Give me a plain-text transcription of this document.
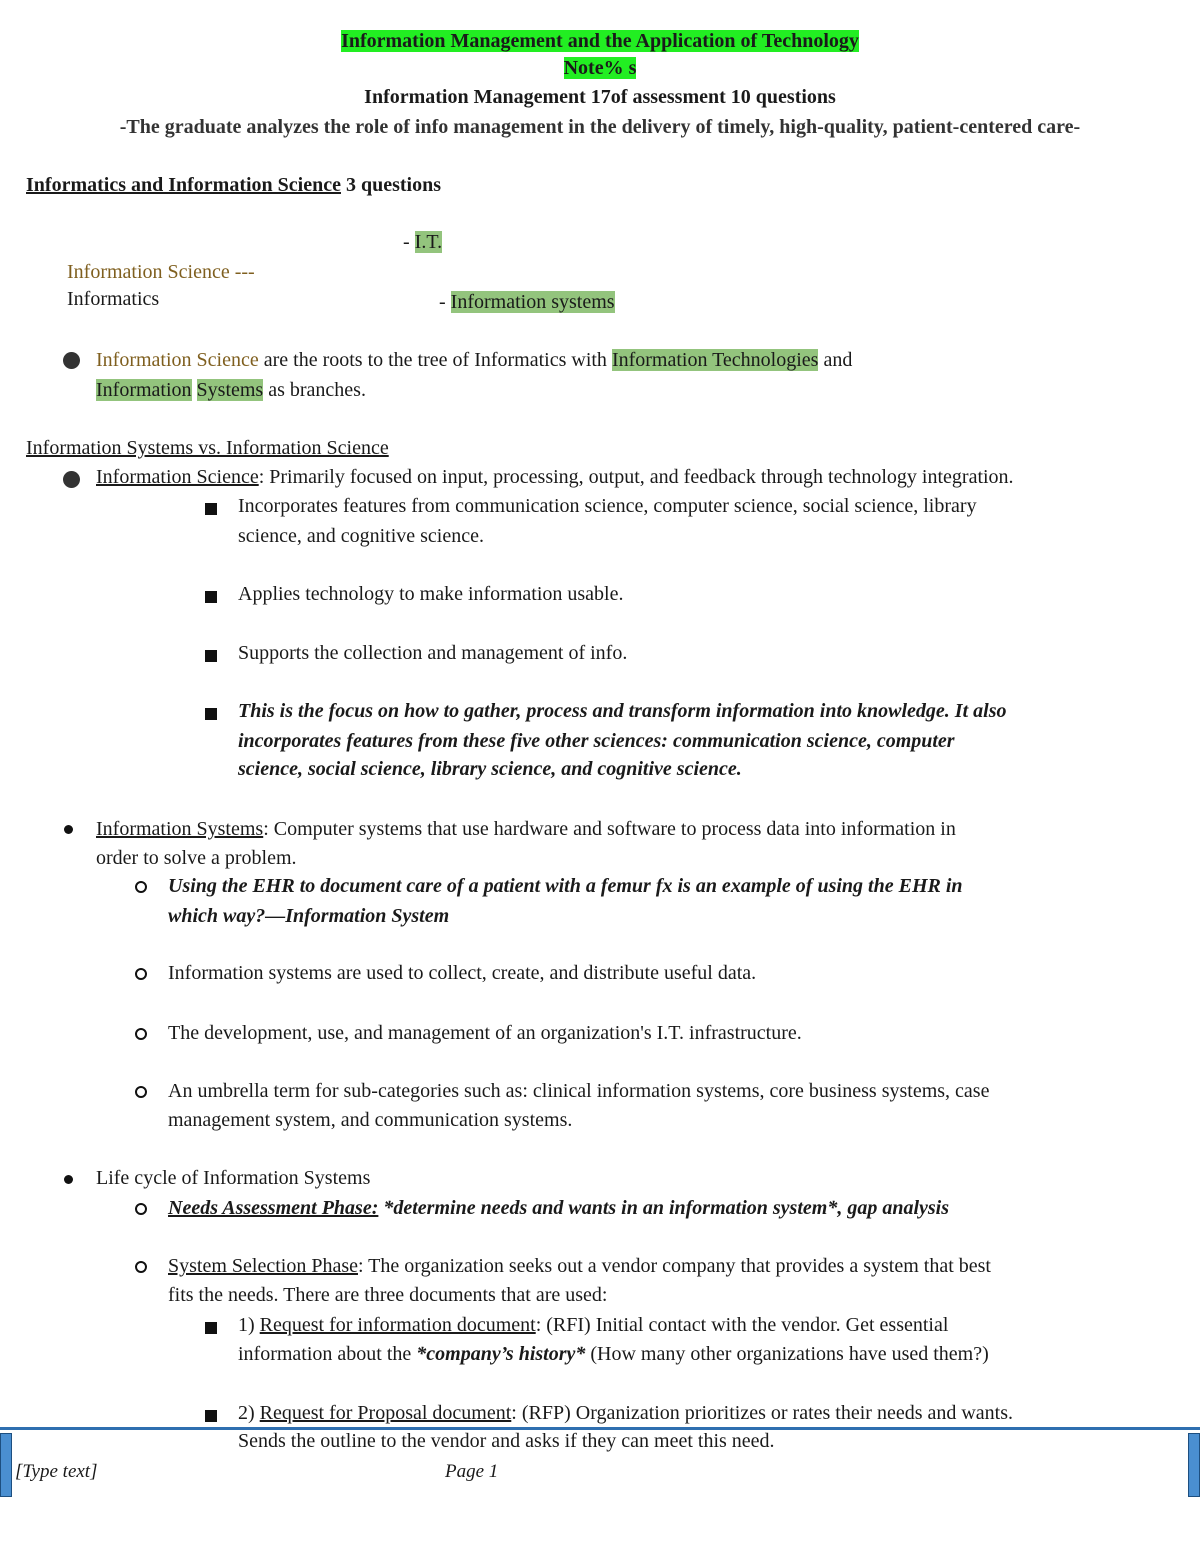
Information Management and the Application of Technology
Note% s
Information Management 17of assessment 10 questions
-The graduate analyzes the role of info management in the delivery of timely, high-quality, patient-centered care-
Informatics and Information Science 3 questions
- I.T.
Information Science ---
Informatics	- Information systems
Information Science are the roots to the tree of Informatics with Information Technologies and
Information Systems as branches.
Information Systems vs. Information Science
Information Science: Primarily focused on input, processing, output, and feedback through technology integration.
Incorporates features from communication science, computer science, social science, library
science, and cognitive science.
Applies technology to make information usable.
Supports the collection and management of info.
This is the focus on how to gather, process and transform information into knowledge. It also
incorporates features from these five other sciences: communication science, computer
science, social science, library science, and cognitive science.
Information Systems: Computer systems that use hardware and software to process data into information in
order to solve a problem.
Using the EHR to document care of a patient with a femur fx is an example of using the EHR in
which way?—Information System
Information systems are used to collect, create, and distribute useful data.
The development, use, and management of an organization's I.T. infrastructure.
An umbrella term for sub-categories such as: clinical information systems, core business systems, case
management system, and communication systems.
Life cycle of Information Systems
Needs Assessment Phase: *determine needs and wants in an information system*, gap analysis
System Selection Phase: The organization seeks out a vendor company that provides a system that best
fits the needs. There are three documents that are used:
1) Request for information document: (RFI) Initial contact with the vendor. Get essential
information about the *company’s history* (How many other organizations have used them?)
2) Request for Proposal document: (RFP) Organization prioritizes or rates their needs and wants.
Sends the outline to the vendor and asks if they can meet this need.
[Type text]	Page 1
